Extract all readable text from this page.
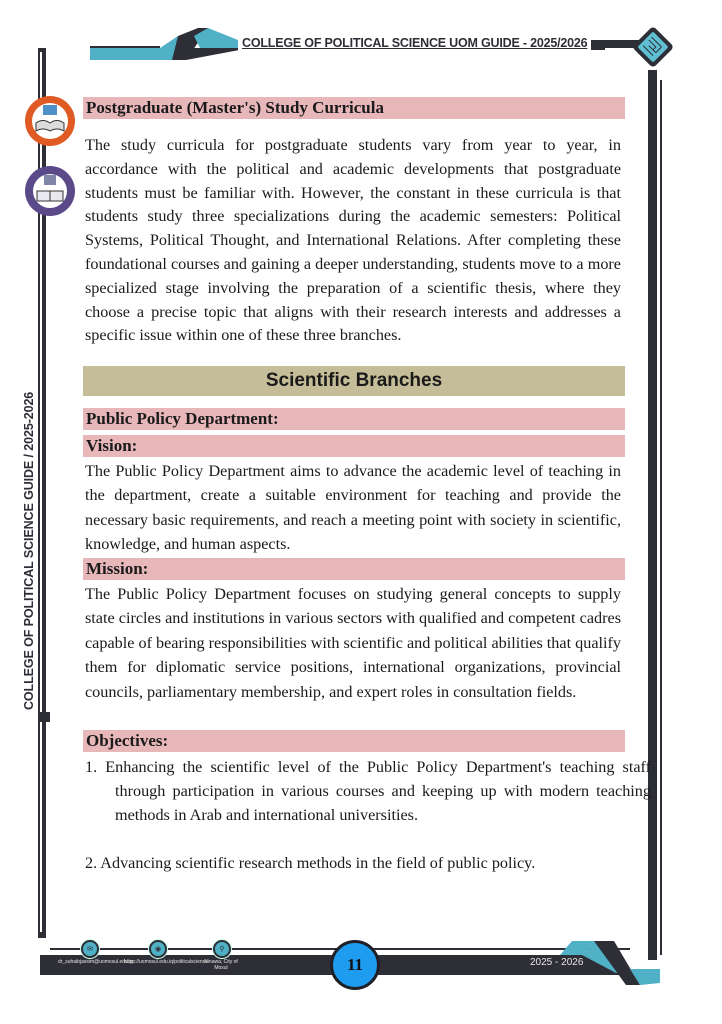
COLLEGE OF POLITICAL SCIENCE UOM GUIDE - 2025/2026
COLLEGE OF POLITICAL SCIENCE GUIDE / 2025-2026
Postgraduate (Master's) Study Curricula
The study curricula for postgraduate students vary from year to year, in accordance with the political and academic developments that postgraduate students must be familiar with. However, the constant in these curricula is that students study three specializations during the academic semesters: Political Systems, Political Thought, and International Relations. After completing these foundational courses and gaining a deeper understanding, students move to a more specialized stage involving the preparation of a scientific thesis, where they choose a precise topic that aligns with their research interests and addresses a specific issue within one of these three branches.
Scientific Branches
Public Policy Department:
Vision:
The Public Policy Department aims to advance the academic level of teaching in the department, create a suitable environment for teaching and provide the necessary basic requirements, and reach a meeting point with society in scientific, knowledge, and human aspects.
Mission:
The Public Policy Department focuses on studying general concepts to supply state circles and institutions in various sectors with qualified and competent cadres capable of bearing responsibilities with scientific and political abilities that qualify them for diplomatic service positions, international organizations, provincial councils, parliamentary membership, and expert roles in consultation fields.
Objectives:
1. Enhancing the scientific level of the Public Policy Department's teaching staff through participation in various courses and keeping up with modern teaching methods in Arab and international universities.
2. Advancing scientific research methods in the field of public policy.
✉
dr_suhaibjassim@uomosul.edu.iq
◉
https://uomosul.edu.iq/politicalscience
⚲
Ninawa, City of Mosul	11	2025 - 2026
